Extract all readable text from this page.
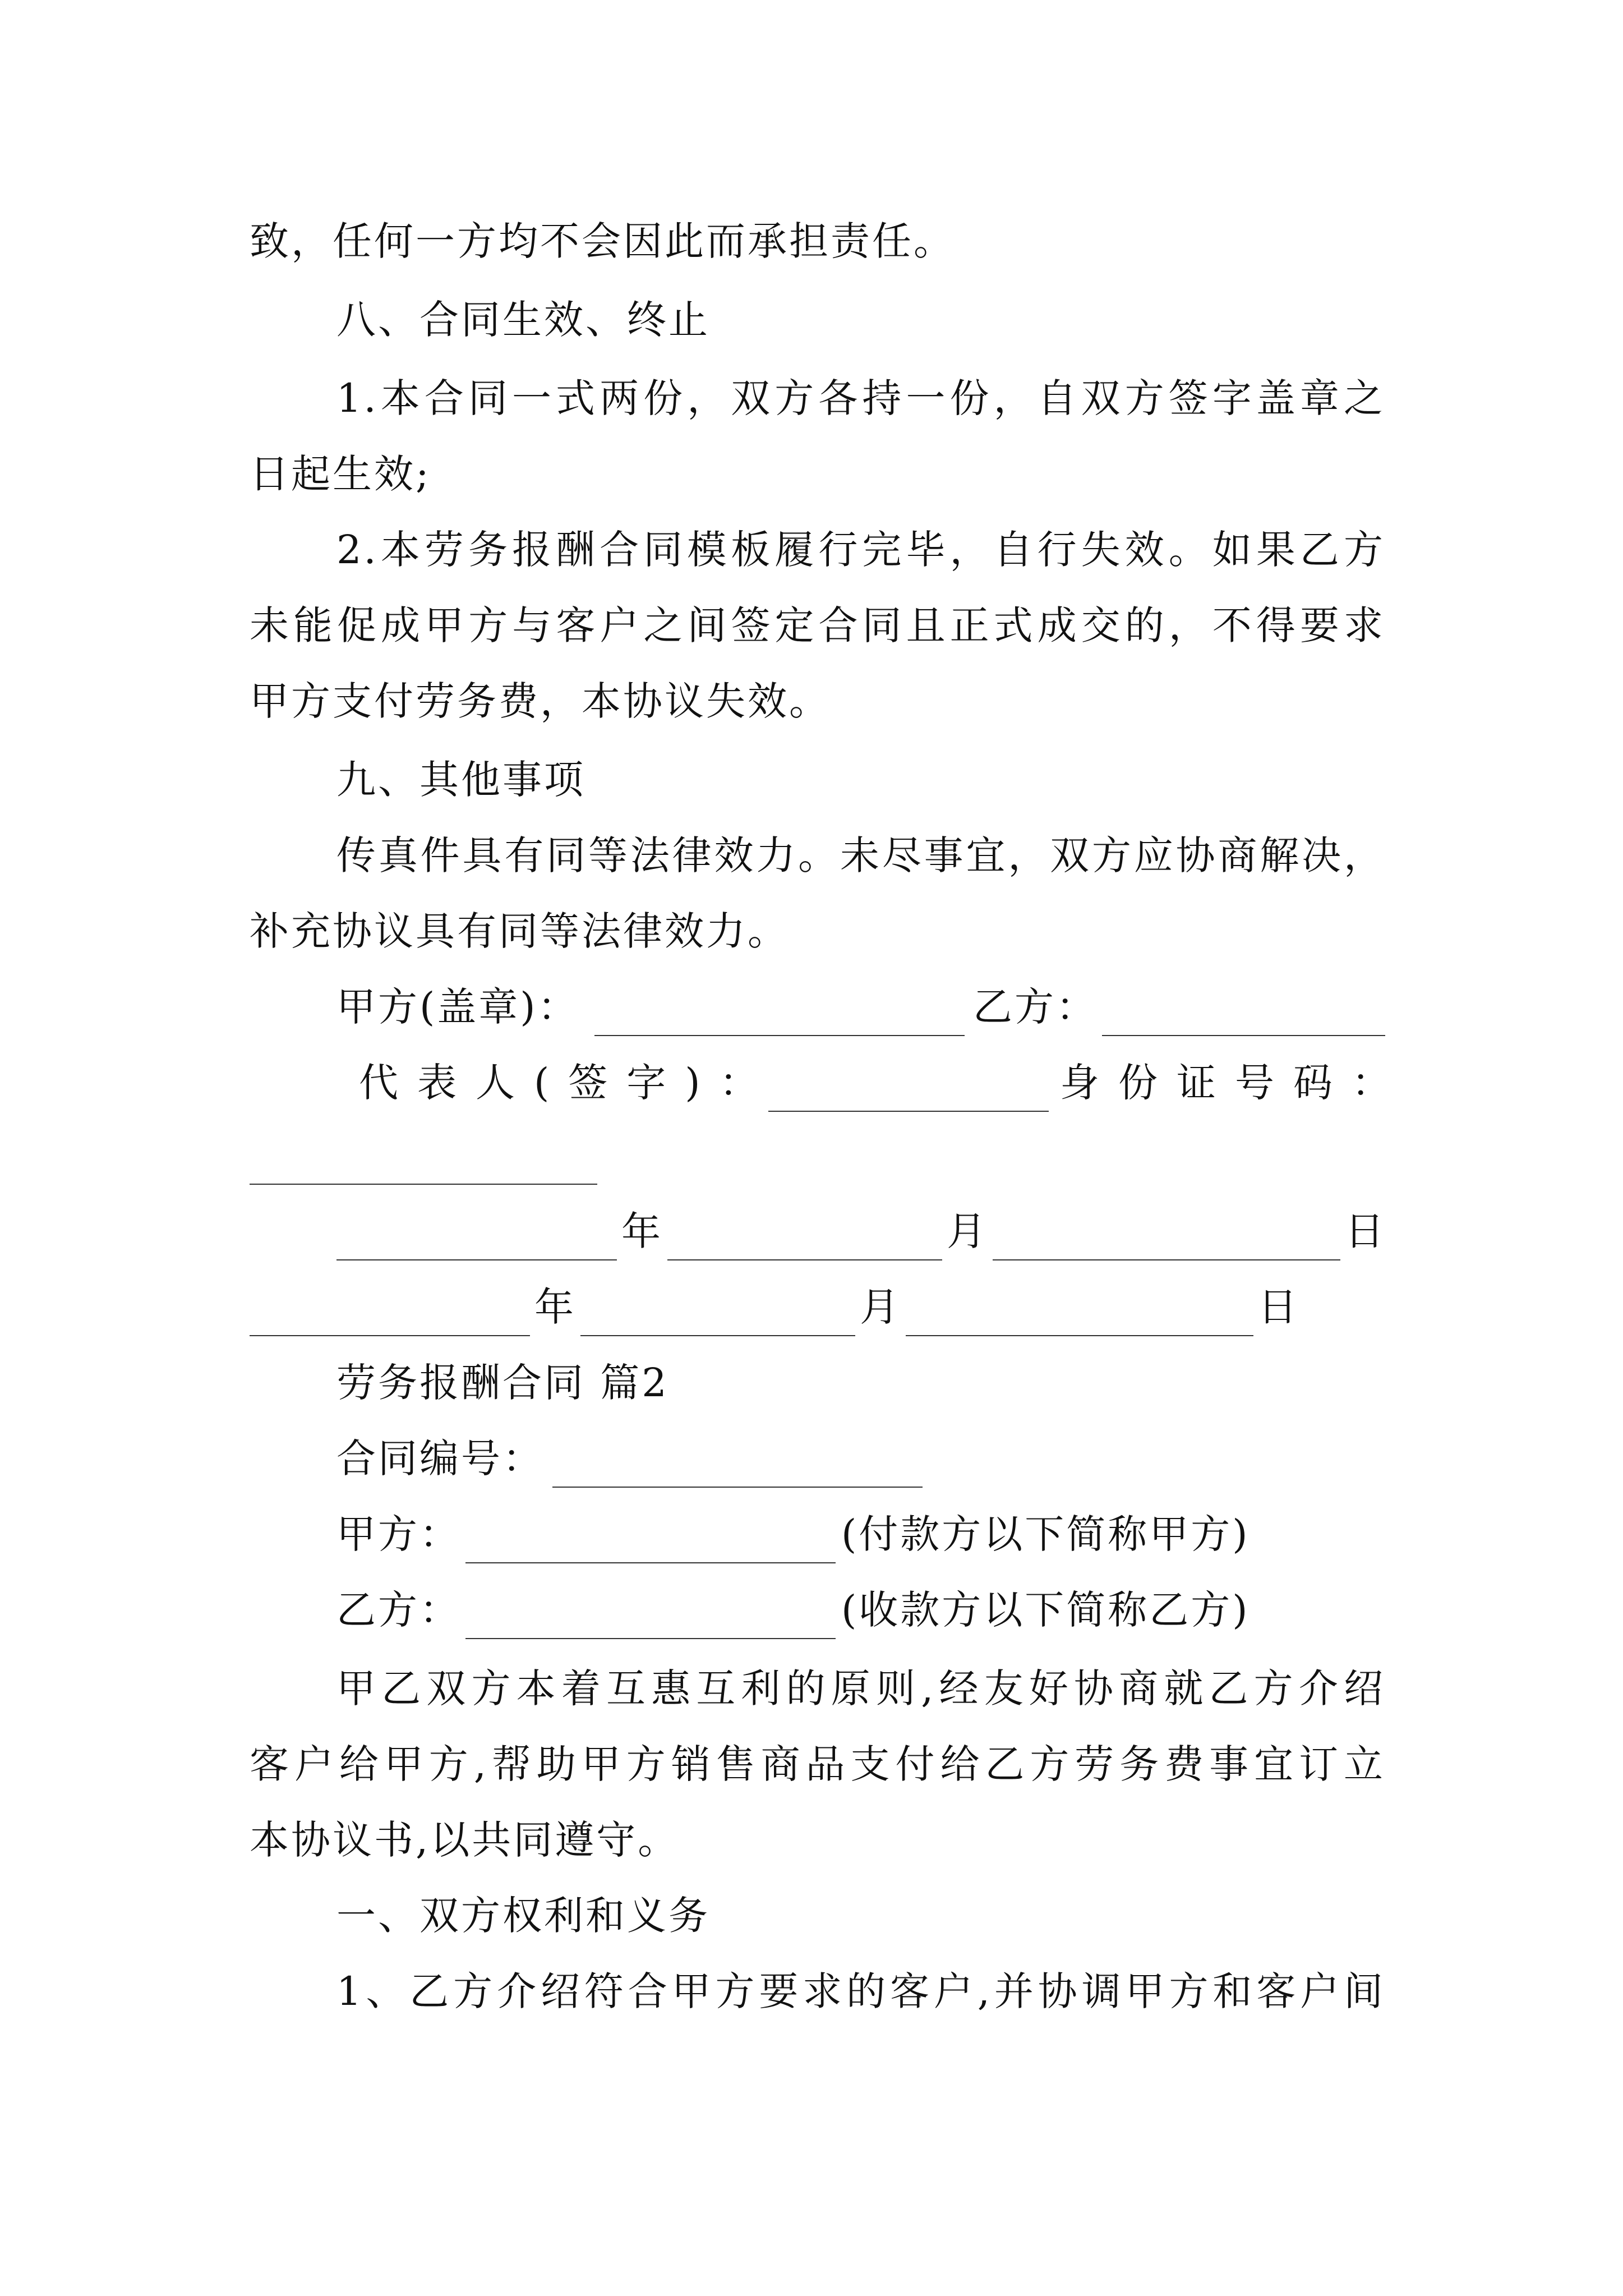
致，任何一方均不会因此而承担责任。
八、合同生效、终止
1.本合同一式两份，双方各持一份，自双方签字盖章之
日起生效;
2.本劳务报酬合同模板履行完毕，自行失效。如果乙方
未能促成甲方与客户之间签定合同且正式成交的，不得要求
甲方支付劳务费，本协议失效。
九、其他事项
传真件具有同等法律效力。未尽事宜，双方应协商解决，
补充协议具有同等法律效力。
甲方(盖章)：	乙方：
代表人(签字)：	身份证号码：
年	月	日
年	月	日
劳务报酬合同 篇2
合同编号：
甲方：	(付款方以下简称甲方)
乙方：	(收款方以下简称乙方)
甲乙双方本着互惠互利的原则,经友好协商就乙方介绍
客户给甲方,帮助甲方销售商品支付给乙方劳务费事宜订立
本协议书,以共同遵守。
一、双方权利和义务
1、乙方介绍符合甲方要求的客户,并协调甲方和客户间
